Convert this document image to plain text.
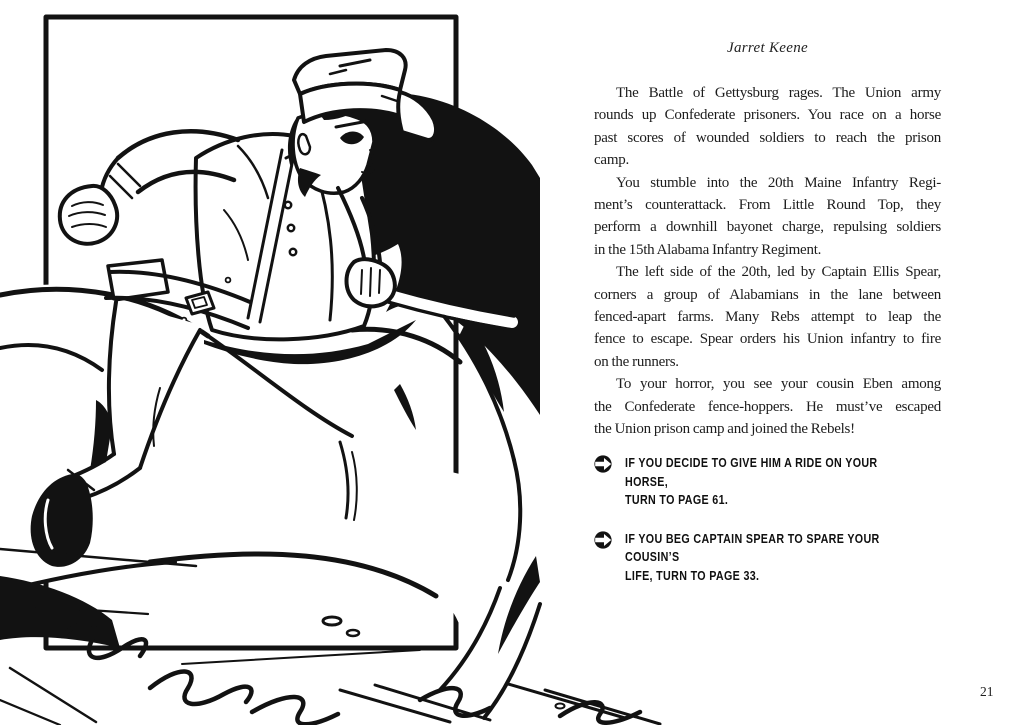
Jarret Keene
The Battle of Gettysburg rages. The Union army
rounds up Confederate prisoners. You race on a horse
past scores of wounded soldiers to reach the prison
camp.
You stumble into the 20th Maine Infantry Regi-
ment’s counterattack. From Little Round Top, they
perform a downhill bayonet charge, repulsing soldiers
in the 15th Alabama Infantry Regiment.
The left side of the 20th, led by Captain Ellis Spear,
corners a group of Alabamians in the lane between
fenced-apart farms. Many Rebs attempt to leap the
fence to escape. Spear orders his Union infantry to fire
on the runners.
To your horror, you see your cousin Eben among
the Confederate fence-hoppers. He must’ve escaped
the Union prison camp and joined the Rebels!
IF YOU DECIDE TO GIVE HIM A RIDE ON YOUR HORSE,
TURN TO PAGE 61.
IF YOU BEG CAPTAIN SPEAR TO SPARE YOUR COUSIN’S
LIFE, TURN TO PAGE 33.
21
